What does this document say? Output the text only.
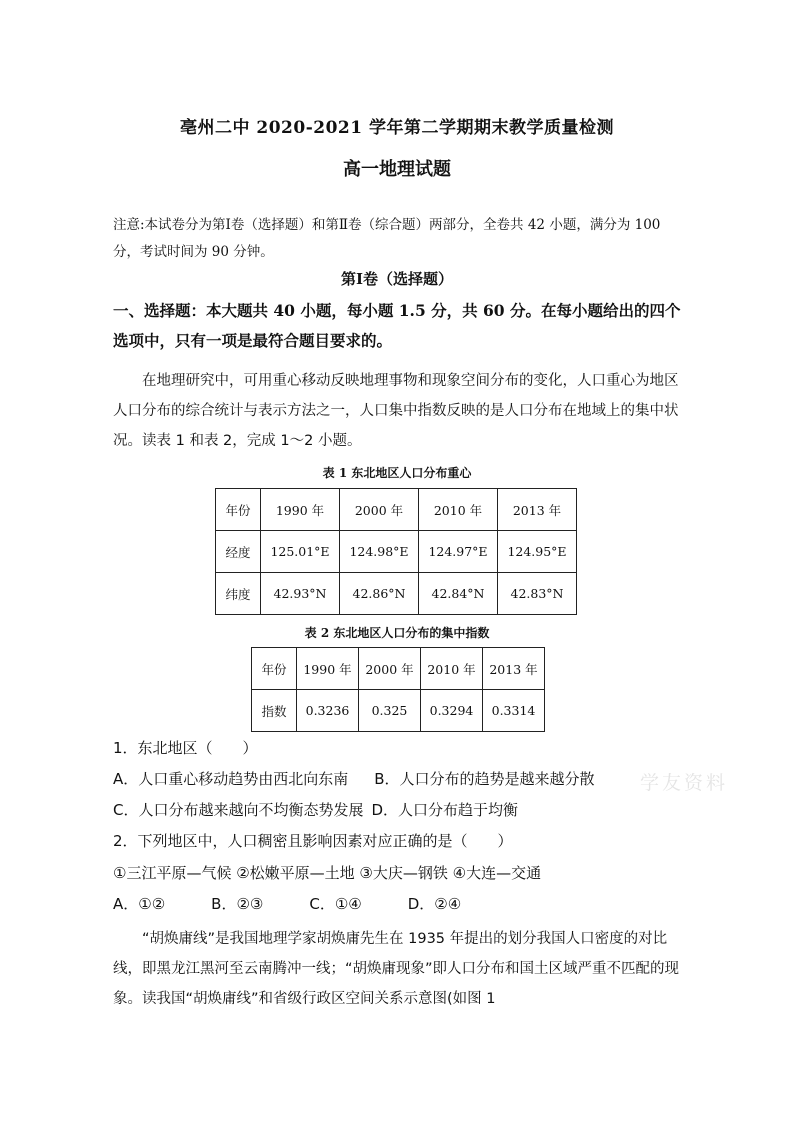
亳州二中 2020-2021 学年第二学期期末教学质量检测
高一地理试题
注意:本试卷分为第Ⅰ卷（选择题）和第Ⅱ卷（综合题）两部分，全卷共 42 小题，满分为 100 分，考试时间为 90 分钟。
第Ⅰ卷（选择题）
一、选择题：本大题共 40 小题，每小题 1.5 分，共 60 分。在每小题给出的四个选项中，只有一项是最符合题目要求的。
在地理研究中，可用重心移动反映地理事物和现象空间分布的变化，人口重心为地区人口分布的综合统计与表示方法之一，人口集中指数反映的是人口分布在地域上的集中状况。读表 1 和表 2，完成 1～2 小题。
表 1 东北地区人口分布重心
年份	1990 年	2000 年	2010 年	2013 年
经度	125.01°E	124.98°E	124.97°E	124.95°E
纬度	42.93°N	42.86°N	42.84°N	42.83°N
表 2 东北地区人口分布的集中指数
年份	1990 年	2000 年	2010 年	2013 年
指数	0.3236	0.325	0.3294	0.3314
1．东北地区（　　）
A．人口重心移动趋势由西北向东南 B．人口分布的趋势是越来越分散
C．人口分布越来越向不均衡态势发展 D．人口分布趋于均衡
2．下列地区中，人口稠密且影响因素对应正确的是（　　）
①三江平原—气候 ②松嫩平原—土地 ③大庆—钢铁 ④大连—交通
A．①②	B．②③	C．①④	D．②④
“胡焕庸线”是我国地理学家胡焕庸先生在 1935 年提出的划分我国人口密度的对比线，即黑龙江黑河至云南腾冲一线；“胡焕庸现象”即人口分布和国土区域严重不匹配的现象。读我国“胡焕庸线”和省级行政区空间关系示意图(如图 1
学友资料
